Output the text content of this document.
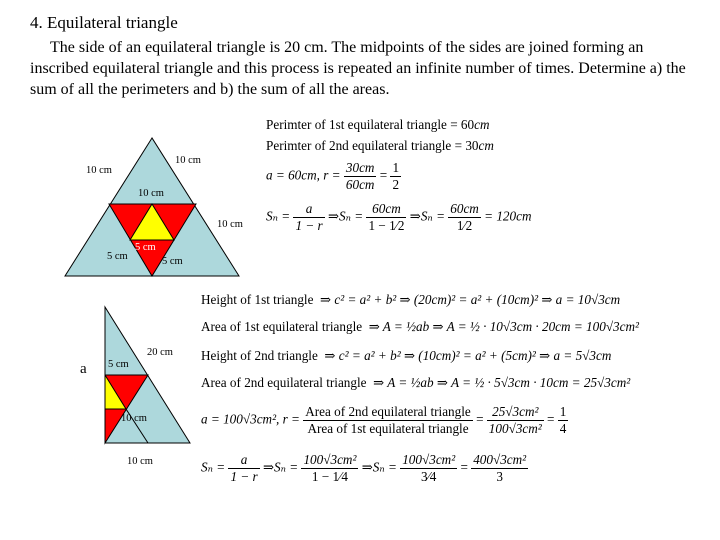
4. Equilateral triangle
The side of an equilateral triangle is 20 cm. The midpoints of the sides are joined forming an inscribed equilateral triangle and this process is repeated an infinite number of times. Determine a) the sum of all the perimeters and b) the sum of all the areas.
10 cm
10 cm
10 cm
10 cm
5 cm
5 cm	5 cm
5 cm
20 cm
10 cm
10 cm
a
Perimter of 1st equilateral triangle = 60cm
Perimter of 2nd equilateral triangle = 30cm
a = 60cm, $r = \frac{30cm}{60cm} = \frac{1}{2}$
$S_n = \frac{a}{1 - r}$ ⇒Sₙ = $\frac{60cm}{1 - 1⁄2}$ ⇒Sₙ = $\frac{60cm}{1⁄2} = 120cm$
Height of 1st triangle ⇒ c² = a² + b² ⇒ (20cm)² = a² + (10cm)² ⇒ a = 10√3cm
Area of 1st equilateral triangle ⇒ A = ½ab ⇒ A = ½ · 10√3cm · 20cm = 100√3cm²
Height of 2nd triangle ⇒ c² = a² + b² ⇒ (10cm)² = a² + (5cm)² ⇒ a = 5√3cm
Area of 2nd equilateral triangle ⇒ A = ½ab ⇒ A = ½ · 5√3cm · 10cm = 25√3cm²
a = 100√3cm², $r = \frac{\text{Area of 2nd equilateral triangle}}{\text{Area of 1st equilateral triangle}} = \frac{\text{25√3cm²}}{\text{100√3cm²}} = \frac{1}{4}$
$S_n = \frac{a}{1 - r}$ ⇒Sₙ = $\frac{\text{100√3cm²}}{1 - 1⁄4}$ ⇒Sₙ = $\frac{\text{100√3cm²}}{3⁄4} = \frac{\text{400√3cm²}}{3}$
